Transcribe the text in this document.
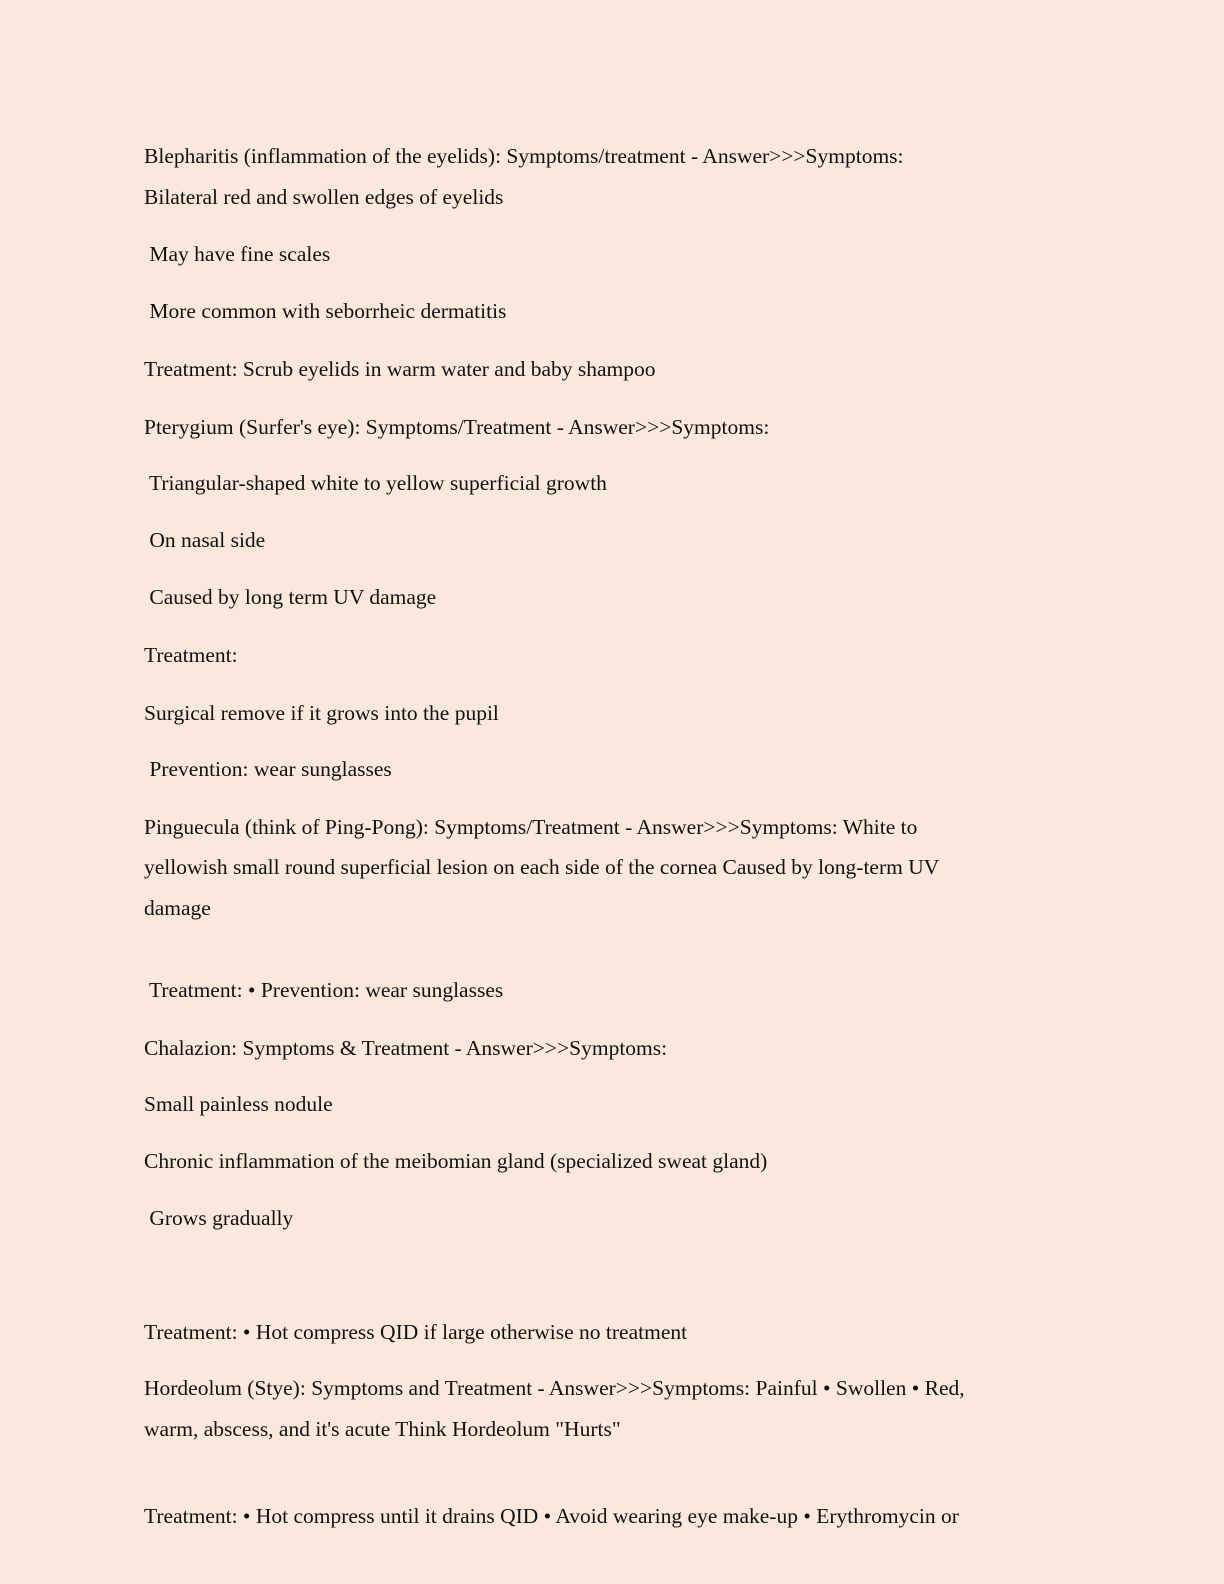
Blepharitis (inflammation of the eyelids): Symptoms/treatment - Answer>>>Symptoms:

Bilateral red and swollen edges of eyelids

May have fine scales

More common with seborrheic dermatitis

Treatment: Scrub eyelids in warm water and baby shampoo

Pterygium (Surfer's eye): Symptoms/Treatment - Answer>>>Symptoms:

Triangular-shaped white to yellow superficial growth

On nasal side

Caused by long term UV damage

Treatment:

Surgical remove if it grows into the pupil

Prevention: wear sunglasses

Pinguecula (think of Ping-Pong): Symptoms/Treatment - Answer>>>Symptoms: White to

yellowish small round superficial lesion on each side of the cornea Caused by long-term UV

damage

Treatment: • Prevention: wear sunglasses

Chalazion: Symptoms & Treatment - Answer>>>Symptoms:

Small painless nodule

Chronic inflammation of the meibomian gland (specialized sweat gland)

Grows gradually

Treatment: • Hot compress QID if large otherwise no treatment

Hordeolum (Stye): Symptoms and Treatment - Answer>>>Symptoms: Painful • Swollen • Red,

warm, abscess, and it's acute Think Hordeolum "Hurts"

Treatment: • Hot compress until it drains QID • Avoid wearing eye make-up • Erythromycin or
